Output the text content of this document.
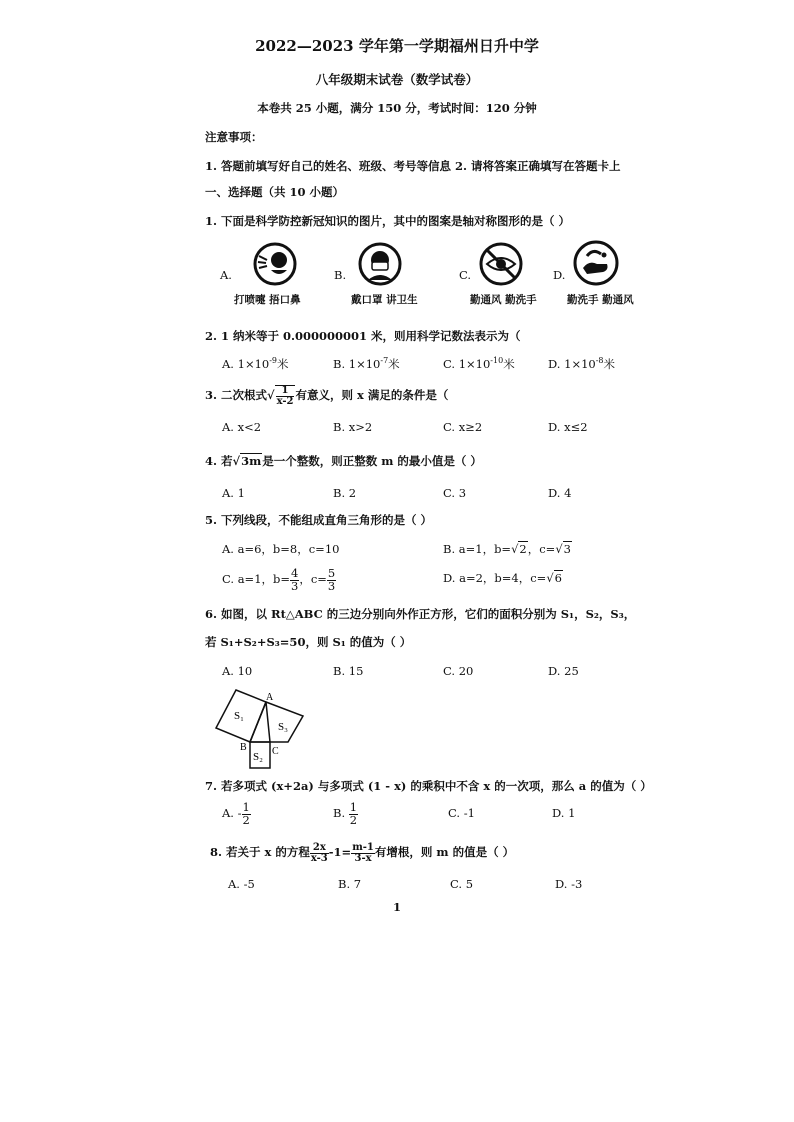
2022—2023 学年第一学期福州日升中学
八年级期末试卷（数学试卷）
本卷共 25 小题，满分 150 分，考试时间：120 分钟
注意事项：
1. 答题前填写好自己的姓名、班级、考号等信息 2. 请将答案正确填写在答题卡上
一、选择题（共 10 小题）
1. 下面是科学防控新冠知识的图片，其中的图案是轴对称图形的是（ ）
A.
打喷嚏 捂口鼻
B.
戴口罩 讲卫生
C.
勤通风 勤洗手
D.
勤洗手 勤通风
2. 1 纳米等于 0.000000001 米，则用科学记数法表示为（
A. $1\times 10^{-9}$米	B. $1\times 10^{-7}$米	C. $1\times 10^{-10}$米	D. $1\times 10^{-8}$米
3. 二次根式√ $\frac{1}{x-2}$ 有意义，则 x 满足的条件是（
A. x<2	B. x>2	C. x≥2	D. x≤2
4. 若√3m是一个整数，则正整数 m 的最小值是（ ）
A. 1	B. 2	C. 3	D. 4
5. 下列线段，不能组成直角三角形的是（ ）
A. a=6，b=8，c=10	B. a=1，b=√2，c=√3
C. a=1，$b= \frac{4}{3}$ ，$c= \frac{5}{3}$	D. a=2，b=4，c=√6
6. 如图，以 Rt△ABC 的三边分别向外作正方形，它们的面积分别为 S₁，S₂，S₃，
若 S₁+S₂+S₃=50，则 S₁ 的值为（ ）
A. 10	B. 15	C. 20	D. 25
S₁
S₃
S₂
A
B	C
7. 若多项式 (x+2a) 与多项式 (1 - x) 的乘积中不含 x 的一次项，那么 a 的值为（ ）
A. - $\frac{1}{2}$	B. $\frac{1}{2}$	C. -1	D. 1
8. 若关于 x 的方程 $\frac{2x}{x-3} -1= \frac{m-1}{3-x}$ 有增根，则 m 的值是（ ）
A. -5	B. 7	C. 5	D. -3
1
